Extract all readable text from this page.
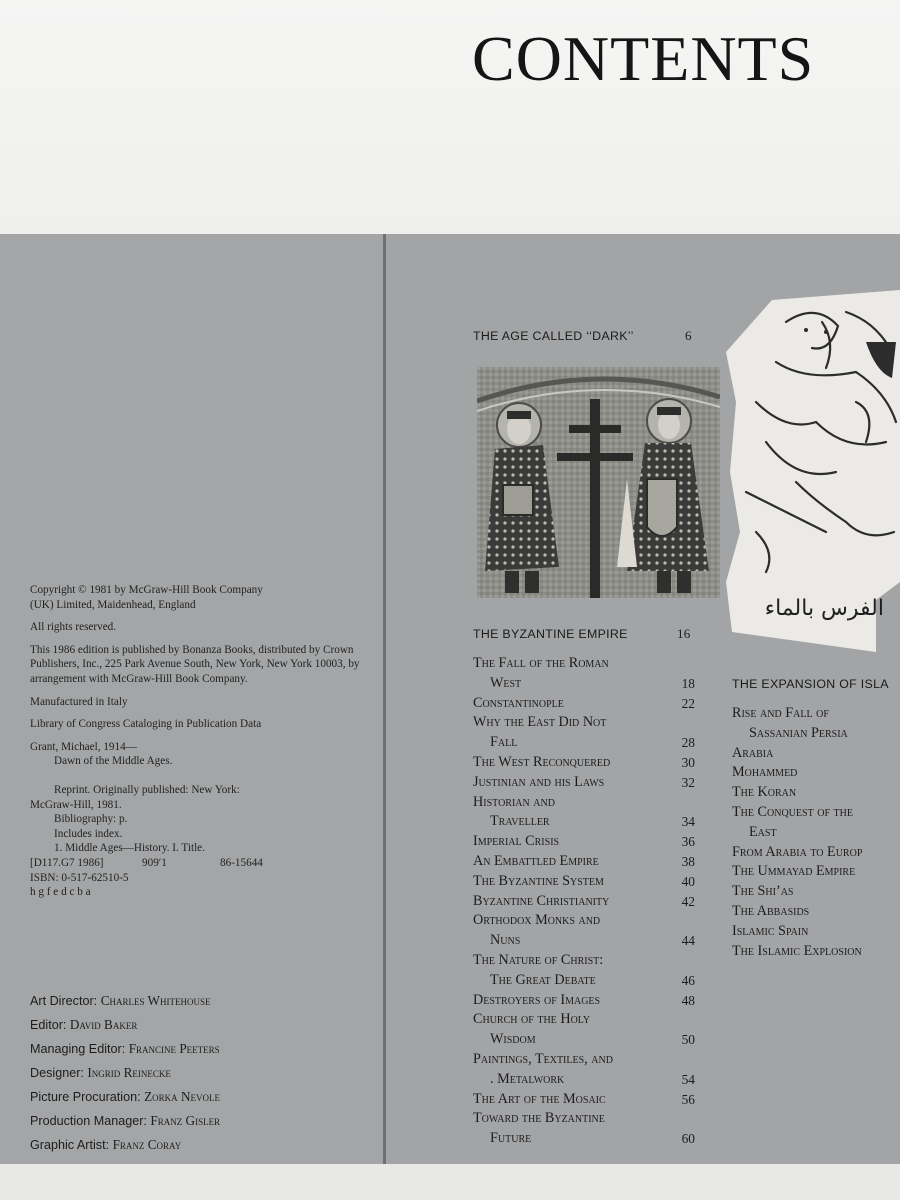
CONTENTS

Copyright © 1981 by McGraw-Hill Book Company

(UK) Limited, Maidenhead, England

All rights reserved.

This 1986 edition is published by Bonanza Books, distributed by Crown Publishers, Inc., 225 Park Avenue South, New York, New York 10003, by arrangement with McGraw-Hill Book Company.

Manufactured in Italy

Library of Congress Cataloging in Publication Data

Grant, Michael, 1914—

Dawn of the Middle Ages.

Reprint. Originally published: New York:

McGraw-Hill, 1981.

Bibliography: p.

Includes index.

1. Middle Ages—History. I. Title.

[D117.G7 1986]	909′1	86-15644

ISBN: 0-517-62510-5

h g f e d c b a

Art Director: Charles Whitehouse
Editor: David Baker
Managing Editor: Francine Peeters
Designer: Ingrid Reinecke
Picture Procuration: Zorka Nevole
Production Manager: Franz Gisler
Graphic Artist: Franz Coray
THE AGE CALLED ‘‘DARK’’	6
الفرس بالماء
THE BYZANTINE EMPIRE	16
The Fall of the Roman
West	18
Constantinople	22
Why the East Did Not
Fall	28
The West Reconquered	30
Justinian and his Laws	32
Historian and
Traveller	34
Imperial Crisis	36
An Embattled Empire	38
The Byzantine System	40
Byzantine Christianity	42
Orthodox Monks and
Nuns	44
The Nature of Christ:
The Great Debate	46
Destroyers of Images	48
Church of the Holy
Wisdom	50
Paintings, Textiles, and
. Metalwork	54
The Art of the Mosaic	56
Toward the Byzantine
Future	60
THE EXPANSION OF ISLA
Rise and Fall of
Sassanian Persia
Arabia
Mohammed
The Koran
The Conquest of the
East
From Arabia to Europ
The Ummayad Empire
The Shi’as
The Abbasids
Islamic Spain
The Islamic Explosion
